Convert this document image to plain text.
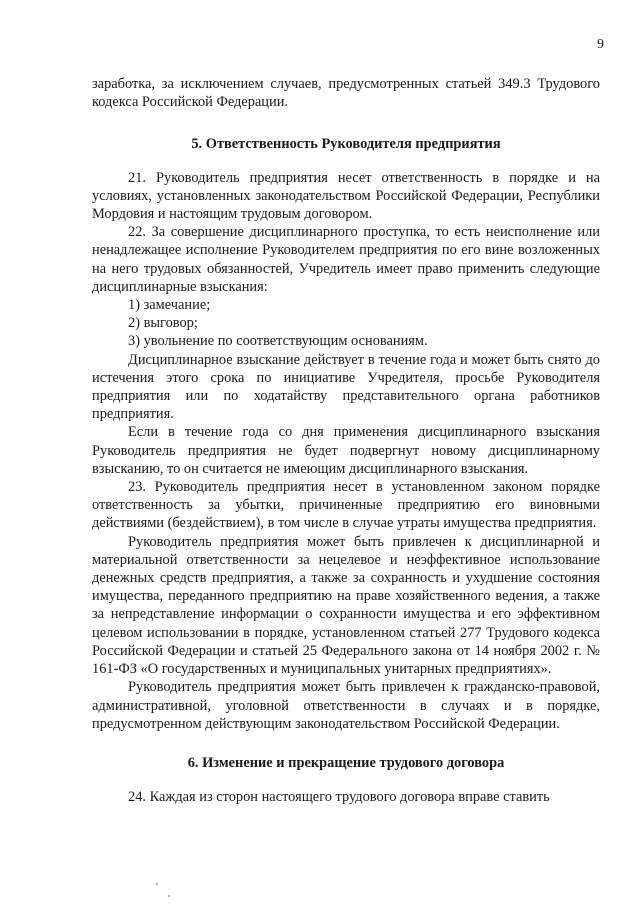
9

заработка, за исключением случаев, предусмотренных статьей 349.3 Трудового кодекса Российской Федерации.

5. Ответственность Руководителя предприятия

21. Руководитель предприятия несет ответственность в порядке и на условиях, установленных законодательством Российской Федерации, Республики Мордовия и настоящим трудовым договором.

22. За совершение дисциплинарного проступка, то есть неисполнение или ненадлежащее исполнение Руководителем предприятия по его вине возложенных на него трудовых обязанностей, Учредитель имеет право применить следующие дисциплинарные взыскания:

1) замечание;

2) выговор;

3) увольнение по соответствующим основаниям.

Дисциплинарное взыскание действует в течение года и может быть снято до истечения этого срока по инициативе Учредителя, просьбе Руководителя предприятия или по ходатайству представительного органа работников предприятия.

Если в течение года со дня применения дисциплинарного взыскания Руководитель предприятия не будет подвергнут новому дисциплинарному взысканию, то он считается не имеющим дисциплинарного взыскания.

23. Руководитель предприятия несет в установленном законом порядке ответственность за убытки, причиненные предприятию его виновными действиями (бездействием), в том числе в случае утраты имущества предприятия.

Руководитель предприятия может быть привлечен к дисциплинарной и материальной ответственности за нецелевое и неэффективное использование денежных средств предприятия, а также за сохранность и ухудшение состояния имущества, переданного предприятию на праве хозяйственного ведения, а также за непредставление информации о сохранности имущества и его эффективном целевом использовании в порядке, установленном статьей 277 Трудового кодекса Российской Федерации и статьей 25 Федерального закона от 14 ноября 2002 г. № 161-ФЗ «О государственных и муниципальных унитарных предприятиях».

Руководитель предприятия может быть привлечен к гражданско-правовой, административной, уголовной ответственности в случаях и в порядке, предусмотренном действующим законодательством Российской Федерации.

6. Изменение и прекращение трудового договора

24. Каждая из сторон настоящего трудового договора вправе ставить
